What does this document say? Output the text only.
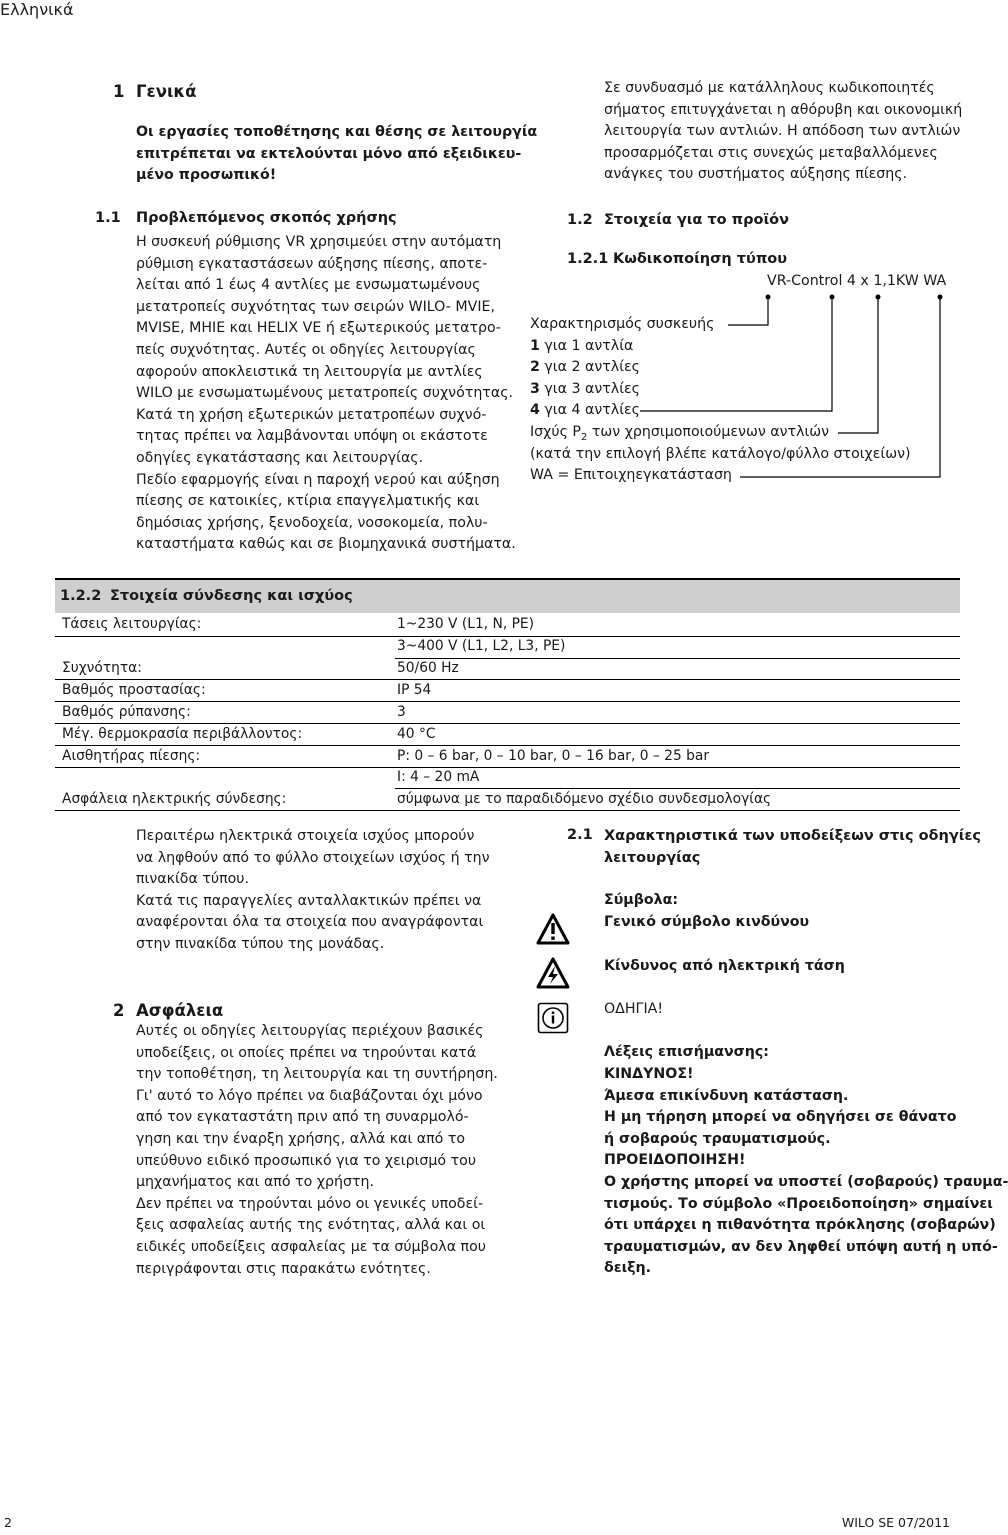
Ελληνικά
1 Γενικά
Οι εργασίες τοποθέτησης και θέσης σε λειτουργία
επιτρέπεται να εκτελούνται μόνο από εξειδικευ-
μένο προσωπικό!
1.1 Προβλεπόμενος σκοπός χρήσης
Η συσκευή ρύθμισης VR χρησιμεύει στην αυτόματη
ρύθμιση εγκαταστάσεων αύξησης πίεσης, αποτε-
λείται από 1 έως 4 αντλίες με ενσωματωμένους
μετατροπείς συχνότητας των σειρών WILO- MVIE,
MVISE, MHIE και HELIX VE ή εξωτερικούς μετατρο-
πείς συχνότητας. Αυτές οι οδηγίες λειτουργίας
αφορούν αποκλειστικά τη λειτουργία με αντλίες
WILO με ενσωματωμένους μετατροπείς συχνότητας.
Κατά τη χρήση εξωτερικών μετατροπέων συχνό-
τητας πρέπει να λαμβάνονται υπόψη οι εκάστοτε
οδηγίες εγκατάστασης και λειτουργίας.
Πεδίο εφαρμογής είναι η παροχή νερού και αύξηση
πίεσης σε κατοικίες, κτίρια επαγγελματικής και
δημόσιας χρήσης, ξενοδοχεία, νοσοκομεία, πολυ-
καταστήματα καθώς και σε βιομηχανικά συστήματα.
Σε συνδυασμό με κατάλληλους κωδικοποιητές
σήματος επιτυγχάνεται η αθόρυβη και οικονομική
λειτουργία των αντλιών. Η απόδοση των αντλιών
προσαρμόζεται στις συνεχώς μεταβαλλόμενες
ανάγκες του συστήματος αύξησης πίεσης.
1.2 Στοιχεία για το προϊόν
1.2.1 Κωδικοποίηση τύπου
VR-Control 4 x 1,1KW WA
Χαρακτηρισμός συσκευής
1 για 1 αντλία
2 για 2 αντλίες
3 για 3 αντλίες
4 για 4 αντλίες
Ισχύς $P_2$ των χρησιμοποιούμενων αντλιών
(κατά την επιλογή βλέπε κατάλογο/φύλλο στοιχείων)
WA = Επιτοιχηεγκατάσταση
1.2.2 Στοιχεία σύνδεσης και ισχύος
Τάσεις λειτουργίας:	1~230 V (L1, N, PE)
3~400 V (L1, L2, L3, PE)
Συχνότητα:	50/60 Hz
Βαθμός προστασίας:	IP 54
Βαθμός ρύπανσης:	3
Μέγ. θερμοκρασία περιβάλλοντος:	40 °C
Αισθητήρας πίεσης:	P: 0 – 6 bar, 0 – 10 bar, 0 – 16 bar, 0 – 25 bar
I: 4 – 20 mA
Ασφάλεια ηλεκτρικής σύνδεσης:	σύμφωνα με το παραδιδόμενο σχέδιο συνδεσμολογίας
Περαιτέρω ηλεκτρικά στοιχεία ισχύος μπορούν
να ληφθούν από το φύλλο στοιχείων ισχύος ή την
πινακίδα τύπου.
Κατά τις παραγγελίες ανταλλακτικών πρέπει να
αναφέρονται όλα τα στοιχεία που αναγράφονται
στην πινακίδα τύπου της μονάδας.
2 Ασφάλεια
Αυτές οι οδηγίες λειτουργίας περιέχουν βασικές
υποδείξεις, οι οποίες πρέπει να τηρούνται κατά
την τοποθέτηση, τη λειτουργία και τη συντήρηση.
Γι' αυτό το λόγο πρέπει να διαβάζονται όχι μόνο
από τον εγκαταστάτη πριν από τη συναρμολό-
γηση και την έναρξη χρήσης, αλλά και από το
υπεύθυνο ειδικό προσωπικό για το χειρισμό του
μηχανήματος και από το χρήστη.
Δεν πρέπει να τηρούνται μόνο οι γενικές υποδεί-
ξεις ασφαλείας αυτής της ενότητας, αλλά και οι
ειδικές υποδείξεις ασφαλείας με τα σύμβολα που
περιγράφονται στις παρακάτω ενότητες.
2.1 Χαρακτηριστικά των υποδείξεων στις οδηγίες
λειτουργίας
Σύμβολα:
Γενικό σύμβολο κινδύνου
Κίνδυνος από ηλεκτρική τάση
ΟΔΗΓΙΑ!
Λέξεις επισήμανσης:
ΚΙΝΔΥΝΟΣ!
Άμεσα επικίνδυνη κατάσταση.
Η μη τήρηση μπορεί να οδηγήσει σε θάνατο
ή σοβαρούς τραυματισμούς.
ΠΡΟΕΙΔΟΠΟΙΗΣΗ!
Ο χρήστης μπορεί να υποστεί (σοβαρούς) τραυμα-
τισμούς. Το σύμβολο «Προειδοποίηση» σημαίνει
ότι υπάρχει η πιθανότητα πρόκλησης (σοβαρών)
τραυματισμών, αν δεν ληφθεί υπόψη αυτή η υπό-
δειξη.
2	WILO SE 07/2011
